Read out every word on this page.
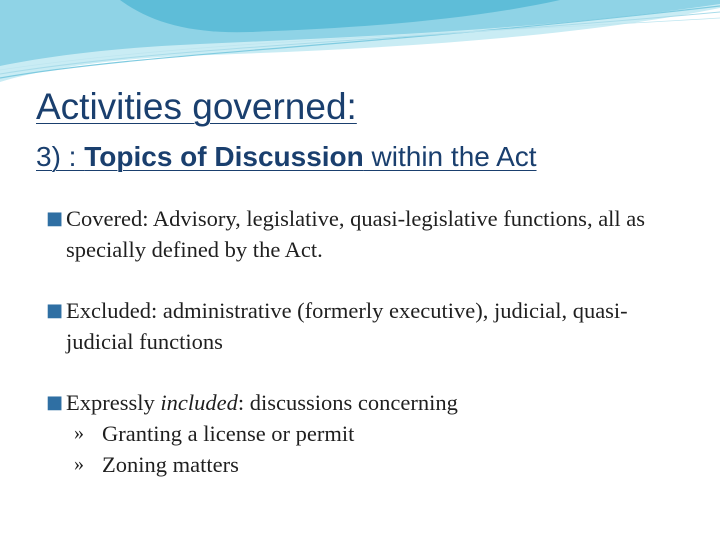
Activities governed:
3) : Topics of Discussion within the Act
■ Covered: Advisory, legislative, quasi-legislative functions, all as specially defined by the Act.
■ Excluded: administrative (formerly executive), judicial, quasi-judicial functions
■ Expressly included: discussions concerning
» Granting a license or permit
» Zoning matters
